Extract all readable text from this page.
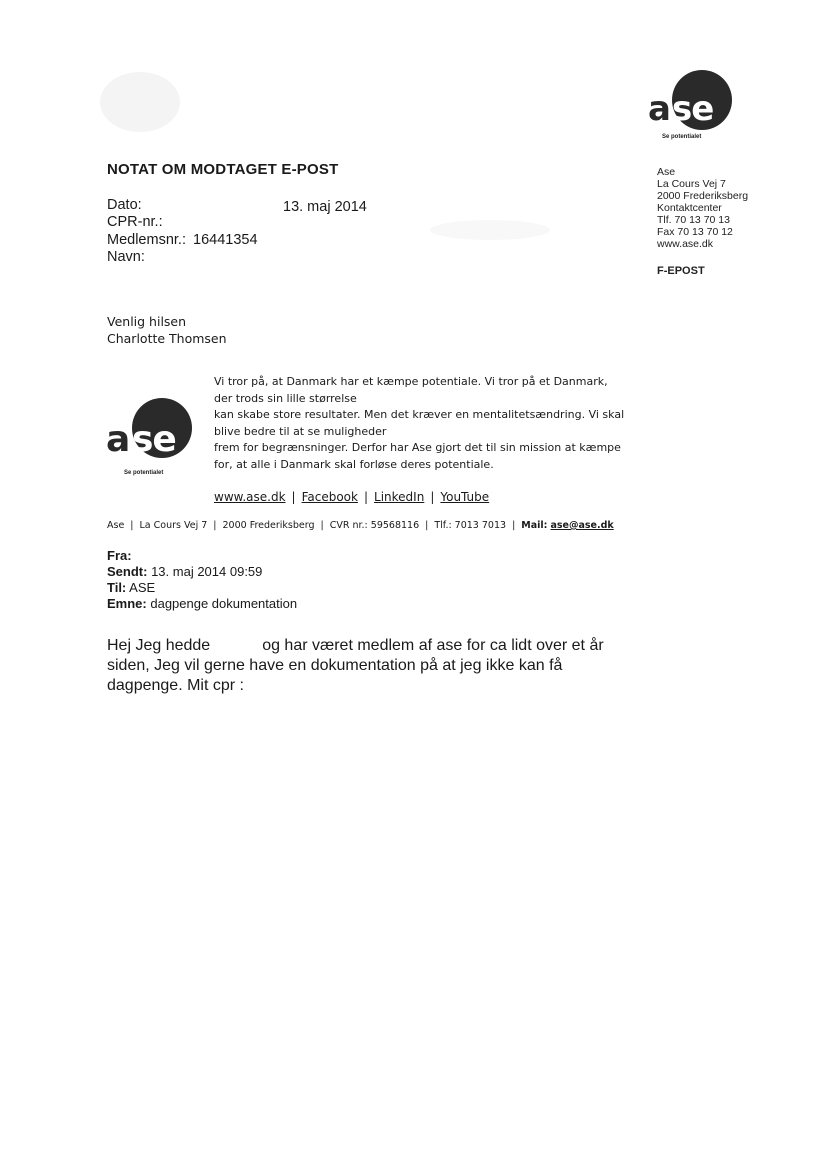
a se
Se potentialet
NOTAT OM MODTAGET E-POST
Dato:	13. maj 2014
CPR-nr.:
Medlemsnr.: 16441354
Navn:
Ase
La Cours Vej 7
2000 Frederiksberg
Kontaktcenter
Tlf. 70 13 70 13
Fax 70 13 70 12
www.ase.dk
F-EPOST
Venlig hilsen
Charlotte Thomsen
a se
Se potentialet
Vi tror på, at Danmark har et kæmpe potentiale. Vi tror på et Danmark,
der trods sin lille størrelse
kan skabe store resultater. Men det kræver en mentalitetsændring. Vi skal
blive bedre til at se muligheder
frem for begrænsninger. Derfor har Ase gjort det til sin mission at kæmpe
for, at alle i Danmark skal forløse deres potentiale.
www.ase.dk | Facebook | LinkedIn | YouTube
Ase | La Cours Vej 7 | 2000 Frederiksberg | CVR nr.: 59568116 | Tlf.: 7013 7013 | Mail: ase@ase.dk
Fra:
Sendt: 13. maj 2014 09:59
Til: ASE
Emne: dagpenge dokumentation
Hej Jeg hedde	og har været medlem af ase for ca lidt over et år
siden, Jeg vil gerne have en dokumentation på at jeg ikke kan få
dagpenge. Mit cpr :
